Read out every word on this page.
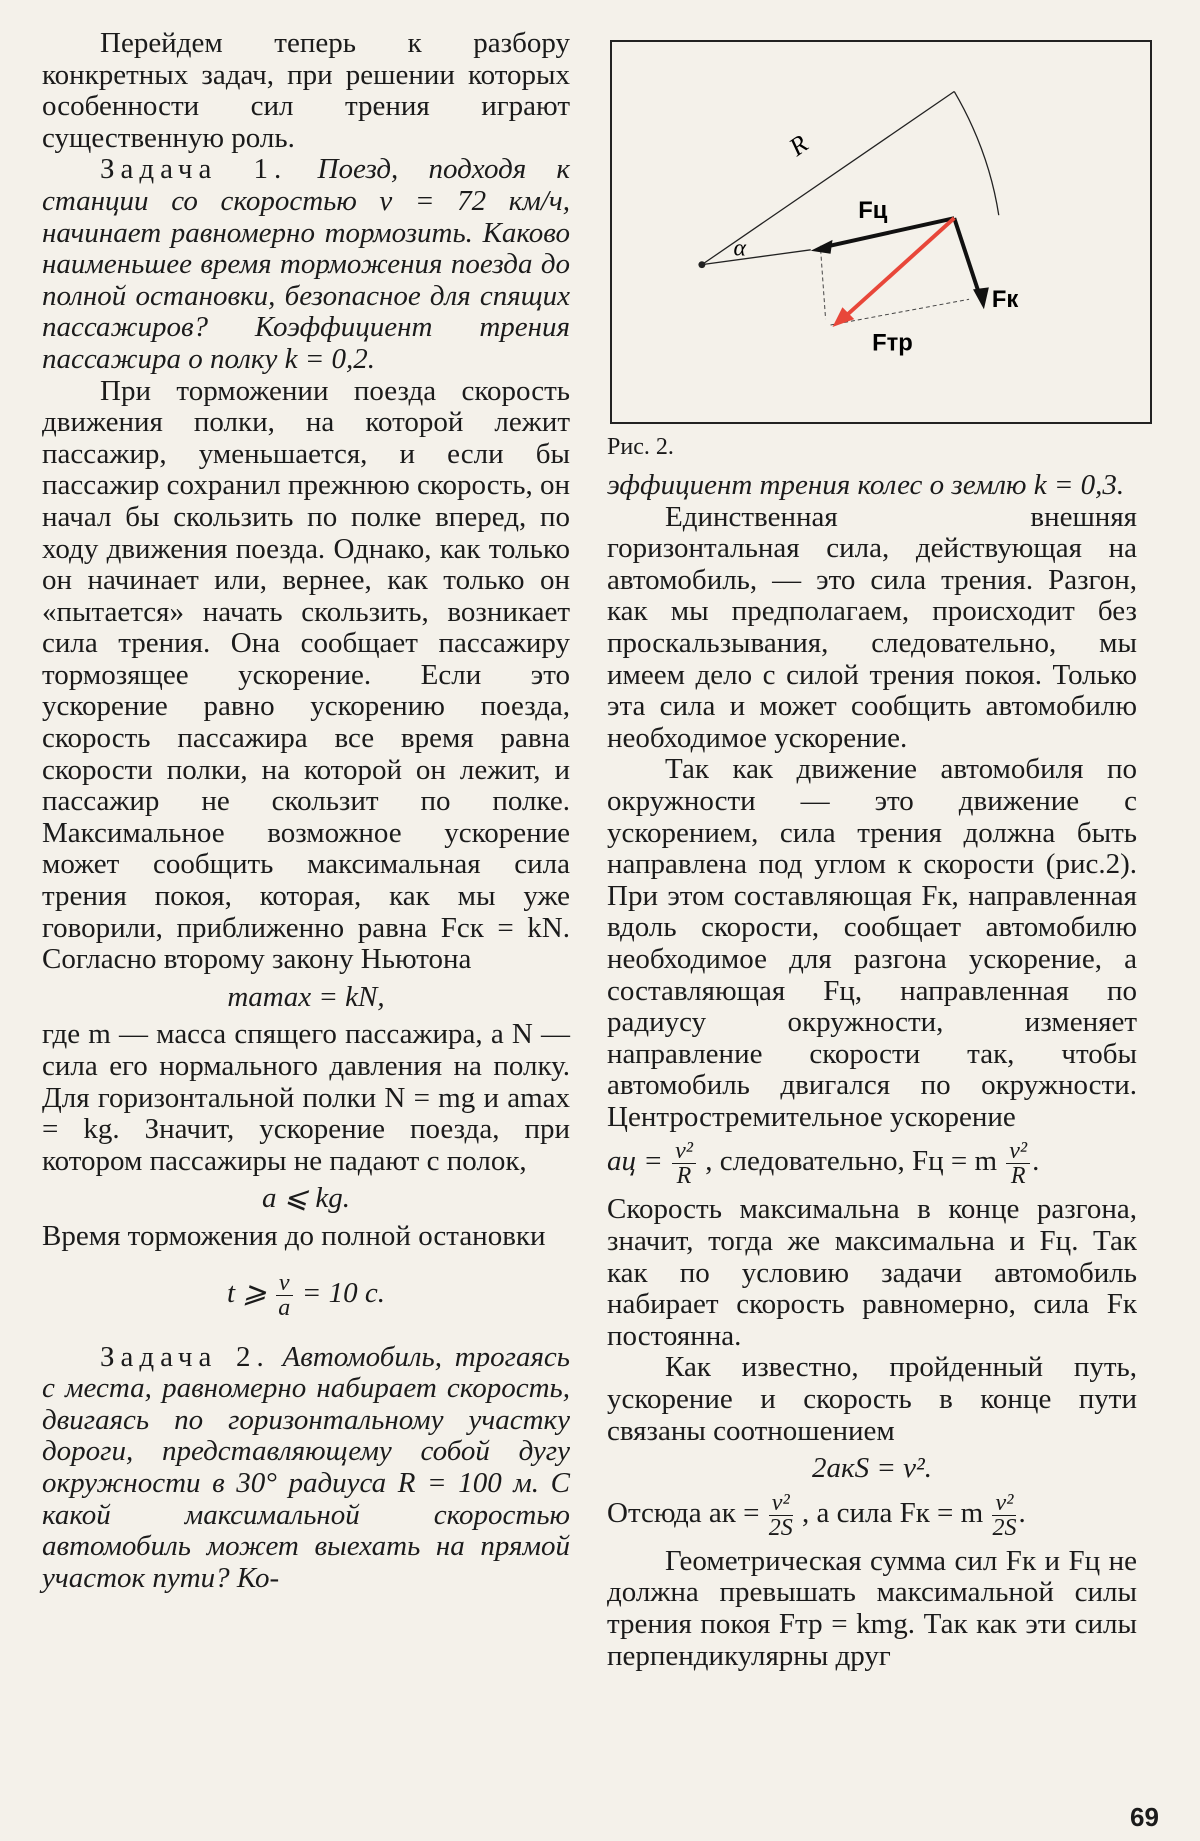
Перейдем теперь к разбору конкретных задач, при решении которых особенности сил трения играют существенную роль.

Задача 1. Поезд, подходя к станции со скоростью v = 72 км/ч, начинает равномерно тормозить. Каково наименьшее время торможения поезда до полной остановки, безопасное для спящих пассажиров? Коэффициент трения пассажира о полку k = 0,2.

При торможении поезда скорость движения полки, на которой лежит пассажир, уменьшается, и если бы пассажир сохранил прежнюю скорость, он начал бы скользить по полке вперед, по ходу движения поезда. Однако, как только он начинает или, вернее, как только он «пытается» начать скользить, возникает сила трения. Она сообщает пассажиру тормозящее ускорение. Если это ускорение равно ускорению поезда, скорость пассажира все время равна скорости полки, на которой он лежит, и пассажир не скользит по полке. Максимальное возможное ускорение может сообщить максимальная сила трения покоя, которая, как мы уже говорили, приближенно равна Fск = kN. Согласно второму закону Ньютона

mamax = kN,

где m — масса спящего пассажира, а N — сила его нормального давления на полку. Для горизонтальной полки N = mg и amax = kg. Значит, ускорение поезда, при котором пассажиры не падают с полок,

a ⩽ kg.

Время торможения до полной остановки

t ⩾ $\frac{v}{a} = 10$ с.

Задача 2. Автомобиль, трогаясь с места, равномерно набирает скорость, двигаясь по горизонтальному участку дороги, представляющему собой дугу окружности в 30° радиуса R = 100 м. С какой максимальной скоростью автомобиль может выехать на прямой участок пути? Ко-

R
α
Fц
Fк
Fтр
Рис. 2.

эффициент трения колес о землю k = 0,3.

Единственная внешняя горизонтальная сила, действующая на автомобиль, — это сила трения. Разгон, как мы предполагаем, происходит без проскальзывания, следовательно, мы имеем дело с силой трения покоя. Только эта сила и может сообщить автомобилю необходимое ускорение.

Так как движение автомобиля по окружности — это движение с ускорением, сила трения должна быть направлена под углом к скорости (рис.2). При этом составляющая Fк, направленная вдоль скорости, сообщает автомобилю необходимое для разгона ускорение, а составляющая Fц, направленная по радиусу окружности, изменяет направление скорости так, чтобы автомобиль двигался по окружности. Центростремительное ускорение

aц = $\frac{\text{v²}}{R}$ , следовательно, Fц = m $\frac{\text{v²}}{R}$ .

Скорость максимальна в конце разгона, значит, тогда же максимальна и Fц. Так как по условию задачи автомобиль набирает скорость равномерно, сила Fк постоянна.

Как известно, пройденный путь, ускорение и скорость в конце пути связаны соотношением

2aкS = v².
Отсюда aк = $\frac{\text{v²}}{2S}$ , а сила Fк = m $\frac{\text{v²}}{2S}$ .

Геометрическая сумма сил Fк и Fц не должна превышать максимальной силы трения покоя Fтр = kmg. Так как эти силы перпендикулярны друг

69
